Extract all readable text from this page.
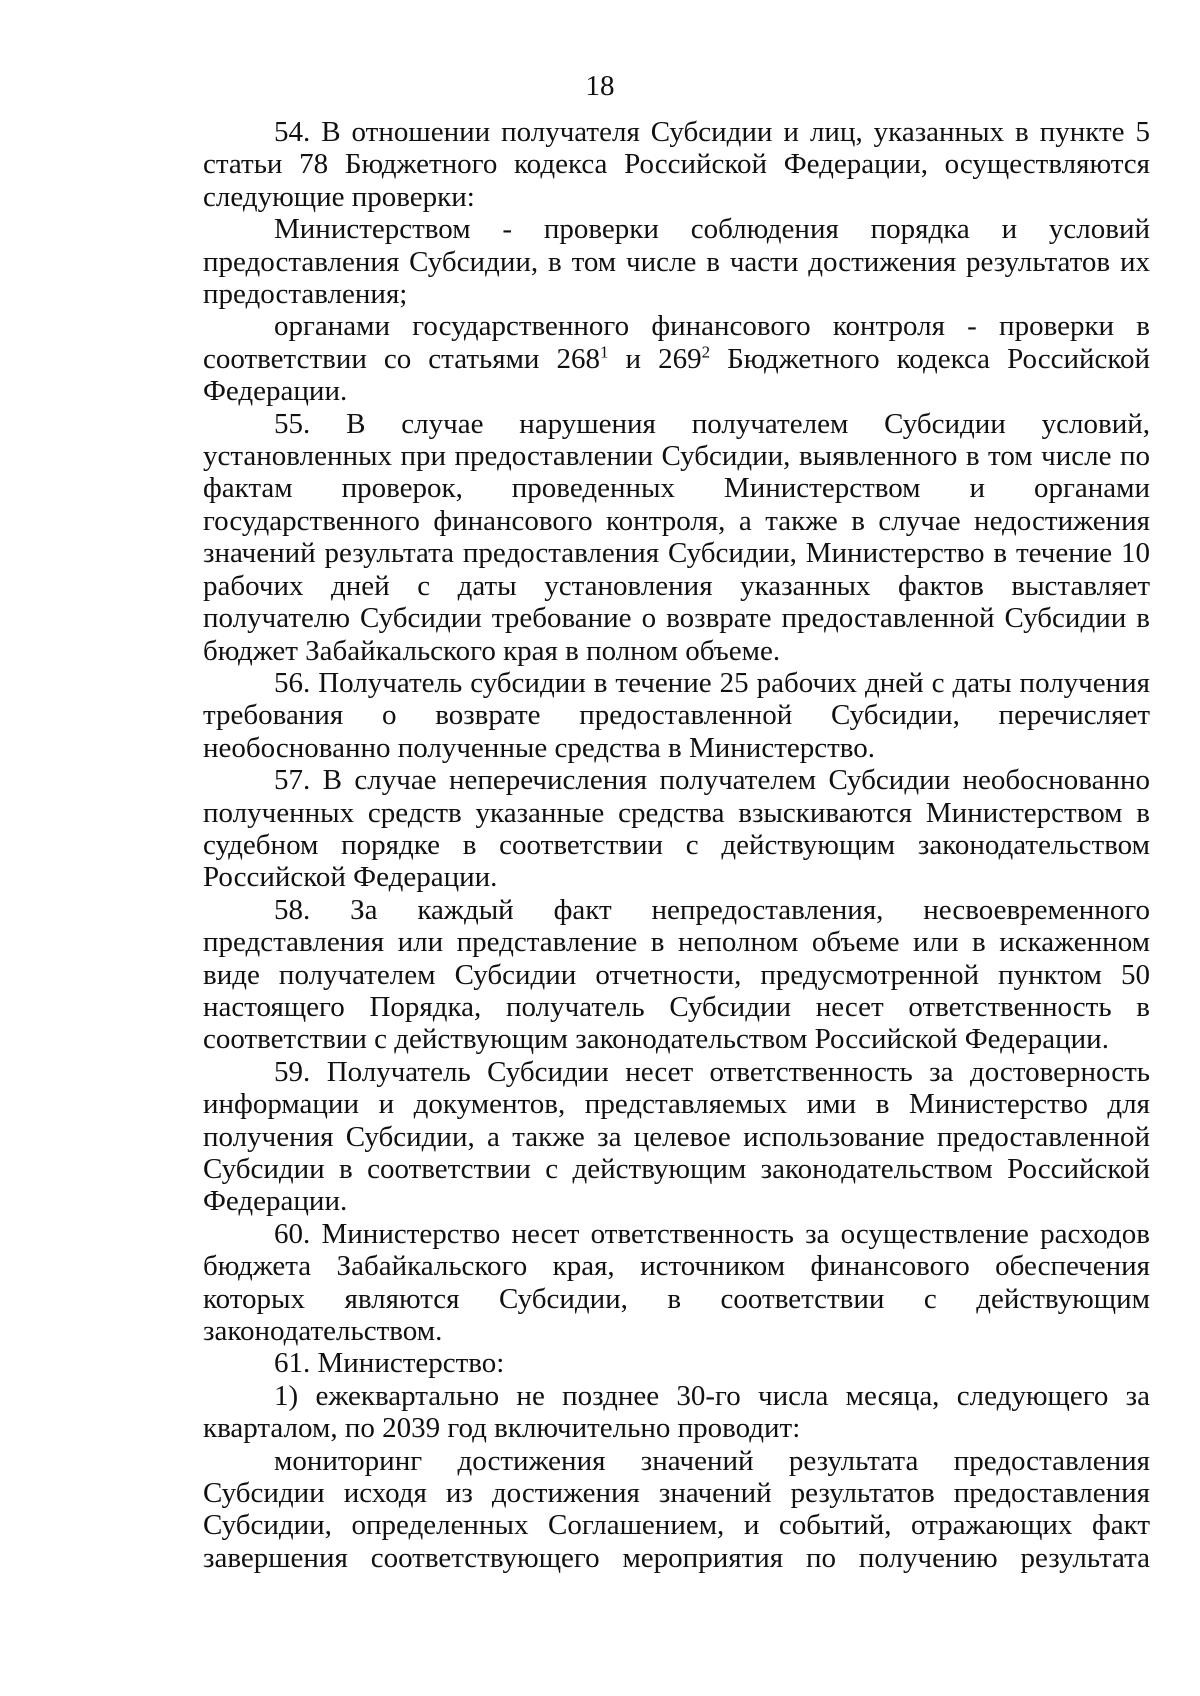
18

54. В отношении получателя Субсидии и лиц, указанных в пункте 5 статьи 78 Бюджетного кодекса Российской Федерации, осуществляются следующие проверки:

Министерством - проверки соблюдения порядка и условий предоставления Субсидии, в том числе в части достижения результатов их предоставления;

органами государственного финансового контроля - проверки в соответствии со статьями $268^1$ и $269^2$ Бюджетного кодекса Российской Федерации.

55. В случае нарушения получателем Субсидии условий, установленных при предоставлении Субсидии, выявленного в том числе по фактам проверок, проведенных Министерством и органами государственного финансового контроля, а также в случае недостижения значений результата предоставления Субсидии, Министерство в течение 10 рабочих дней с даты установления указанных фактов выставляет получателю Субсидии требование о возврате предоставленной Субсидии в бюджет Забайкальского края в полном объеме.

56. Получатель субсидии в течение 25 рабочих дней с даты получения требования о возврате предоставленной Субсидии, перечисляет необоснованно полученные средства в Министерство.

57. В случае неперечисления получателем Субсидии необоснованно полученных средств указанные средства взыскиваются Министерством в судебном порядке в соответствии с действующим законодательством Российской Федерации.

58. За каждый факт непредоставления, несвоевременного представления или представление в неполном объеме или в искаженном виде получателем Субсидии отчетности, предусмотренной пунктом 50 настоящего Порядка, получатель Субсидии несет ответственность в соответствии с действующим законодательством Российской Федерации.

59. Получатель Субсидии несет ответственность за достоверность информации и документов, представляемых ими в Министерство для получения Субсидии, а также за целевое использование предоставленной Субсидии в соответствии с действующим законодательством Российской Федерации.

60. Министерство несет ответственность за осуществление расходов бюджета Забайкальского края, источником финансового обеспечения которых являются Субсидии, в соответствии с действующим законодательством.

61. Министерство:

1) ежеквартально не позднее 30-го числа месяца, следующего за кварталом, по 2039 год включительно проводит:

мониторинг достижения значений результата предоставления Субсидии исходя из достижения значений результатов предоставления Субсидии, определенных Соглашением, и событий, отражающих факт завершения соответствующего мероприятия по получению результата
